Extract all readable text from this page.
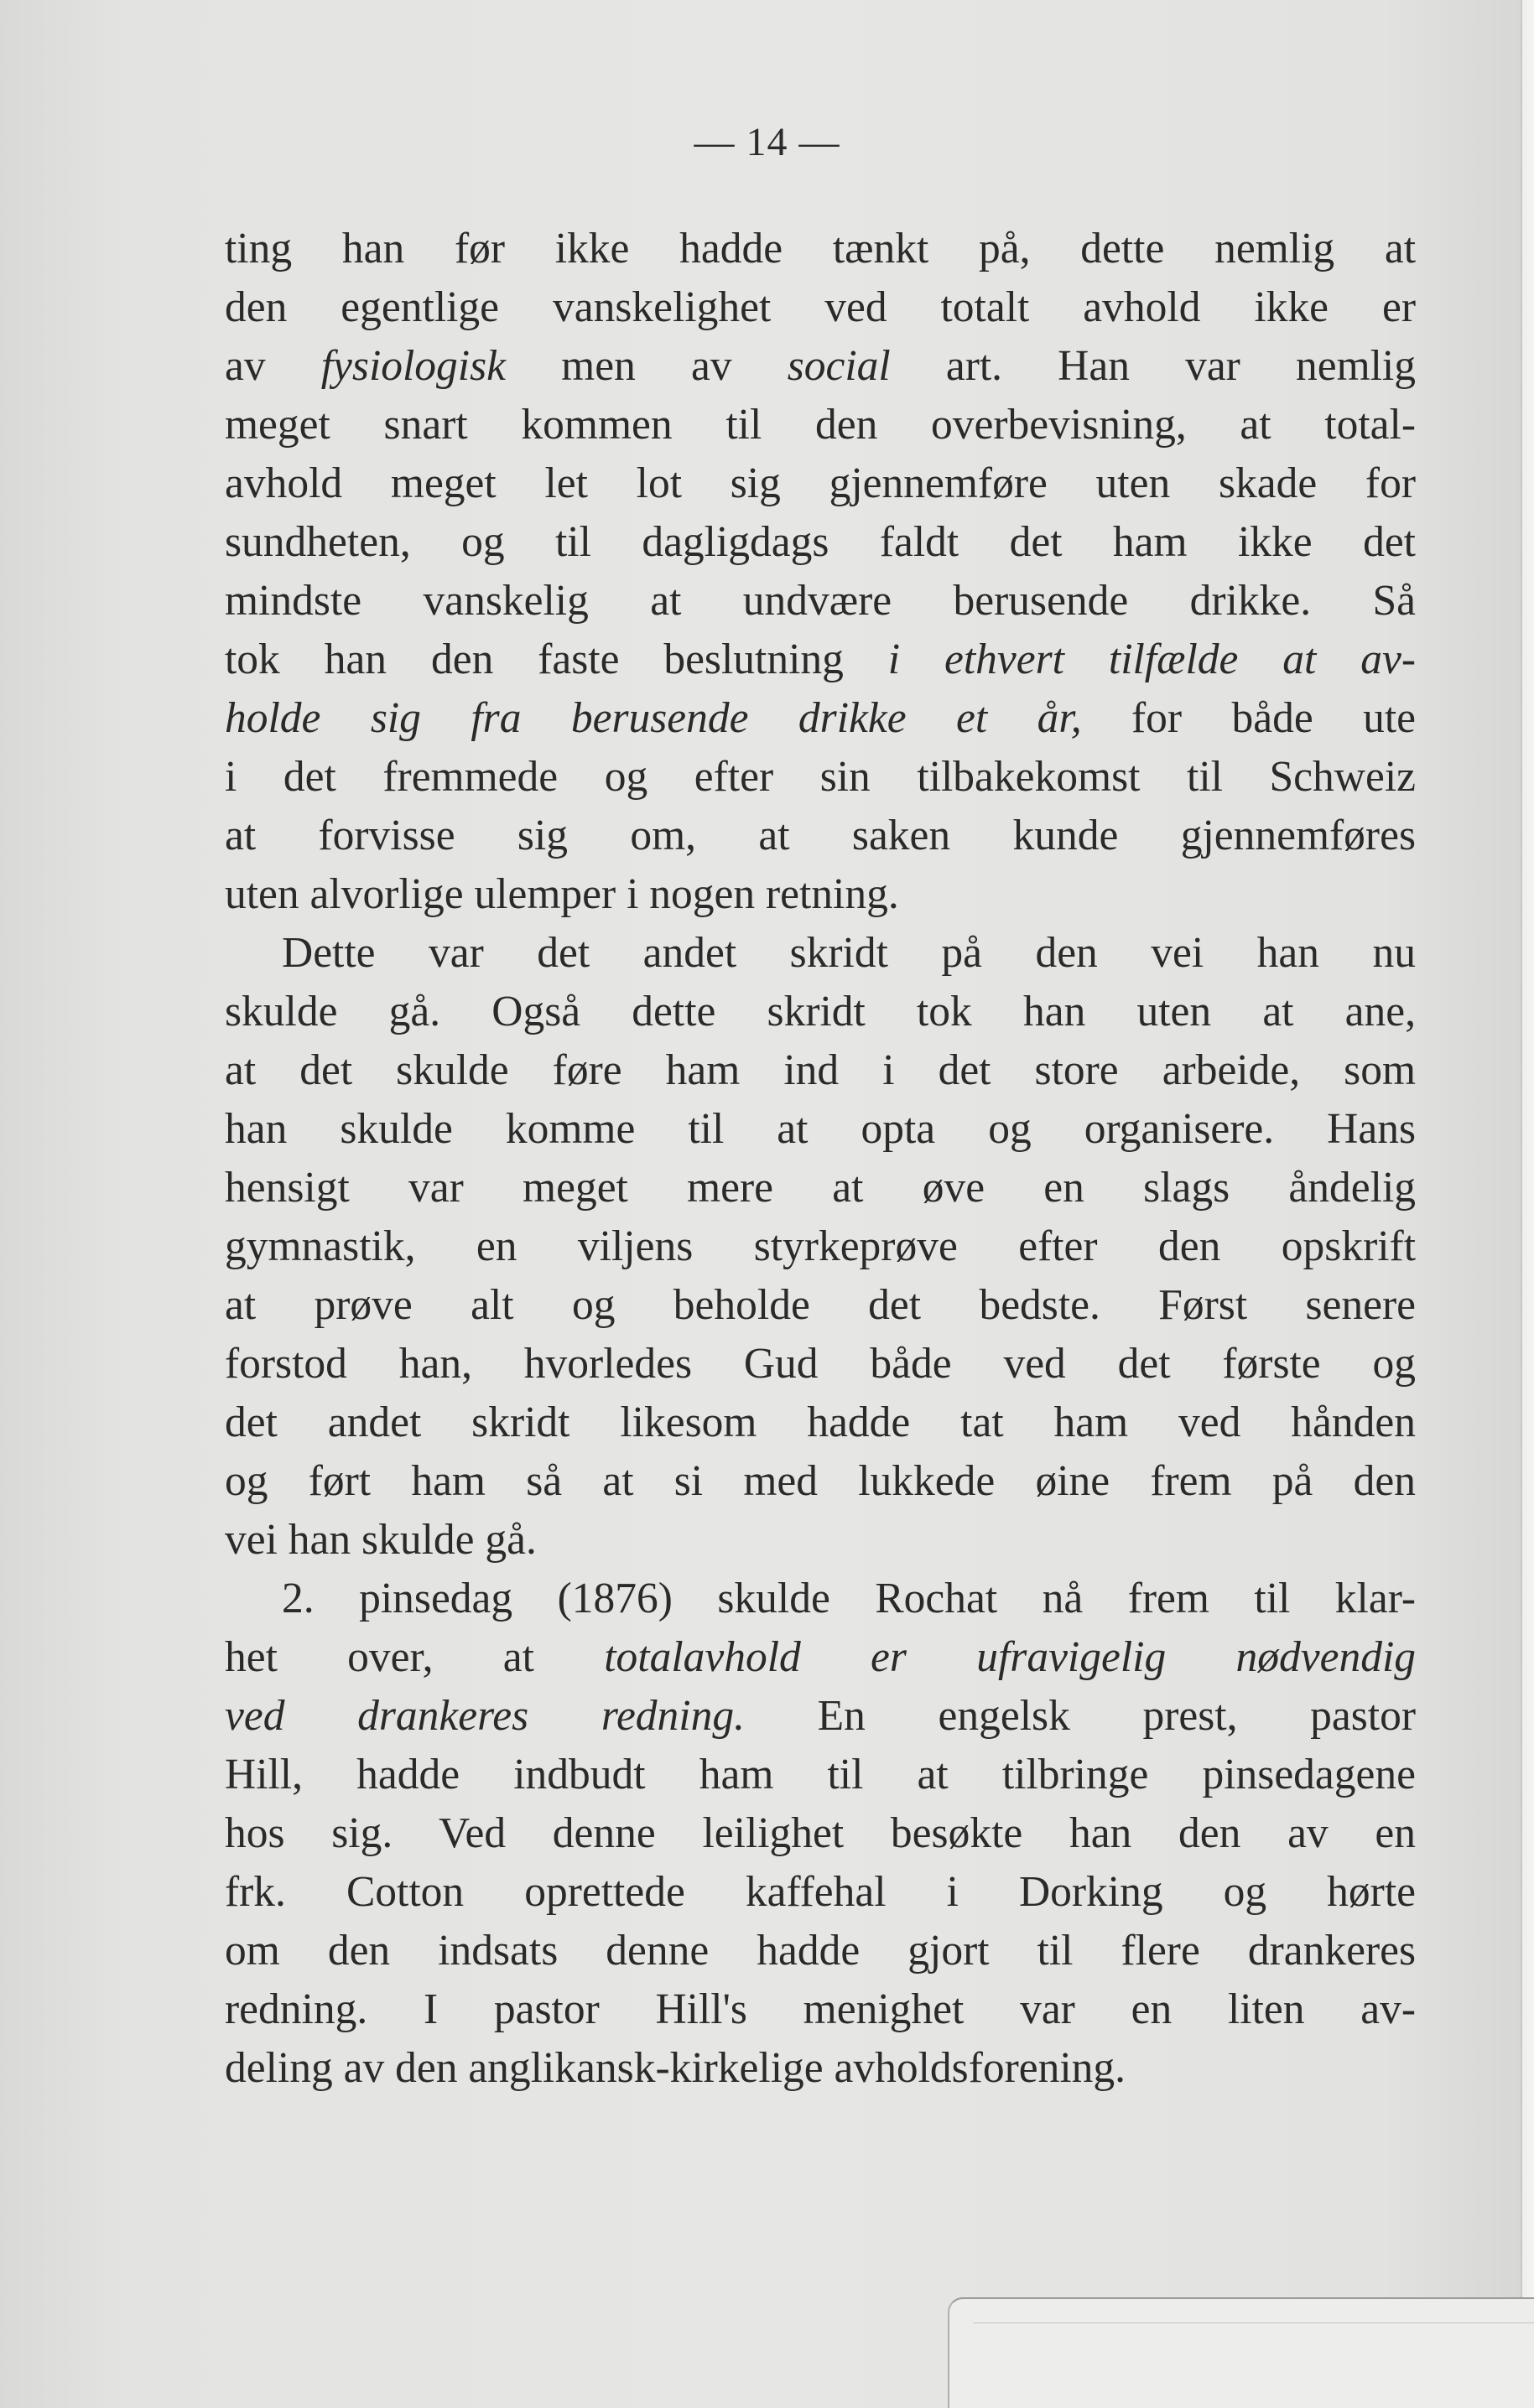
— 14 —
ting han før ikke hadde tænkt på, dette nemlig at
den egentlige vanskelighet ved totalt avhold ikke er
av fysiologisk men av social art. Han var nemlig
meget snart kommen til den overbevisning, at total-
avhold meget let lot sig gjennemføre uten skade for
sundheten, og til dagligdags faldt det ham ikke det
mindste vanskelig at undvære berusende drikke. Så
tok han den faste beslutning i ethvert tilfælde at av-
holde sig fra berusende drikke et år, for både ute
i det fremmede og efter sin tilbakekomst til Schweiz
at forvisse sig om, at saken kunde gjennemføres
uten alvorlige ulemper i nogen retning.
Dette var det andet skridt på den vei han nu
skulde gå. Også dette skridt tok han uten at ane,
at det skulde føre ham ind i det store arbeide, som
han skulde komme til at opta og organisere. Hans
hensigt var meget mere at øve en slags åndelig
gymnastik, en viljens styrkeprøve efter den opskrift
at prøve alt og beholde det bedste. Først senere
forstod han, hvorledes Gud både ved det første og
det andet skridt likesom hadde tat ham ved hånden
og ført ham så at si med lukkede øine frem på den
vei han skulde gå.
2. pinsedag (1876) skulde Rochat nå frem til klar-
het over, at totalavhold er ufravigelig nødvendig
ved drankeres redning. En engelsk prest, pastor
Hill, hadde indbudt ham til at tilbringe pinsedagene
hos sig. Ved denne leilighet besøkte han den av en
frk. Cotton oprettede kaffehal i Dorking og hørte
om den indsats denne hadde gjort til flere drankeres
redning. I pastor Hill's menighet var en liten av-
deling av den anglikansk-kirkelige avholdsforening.
